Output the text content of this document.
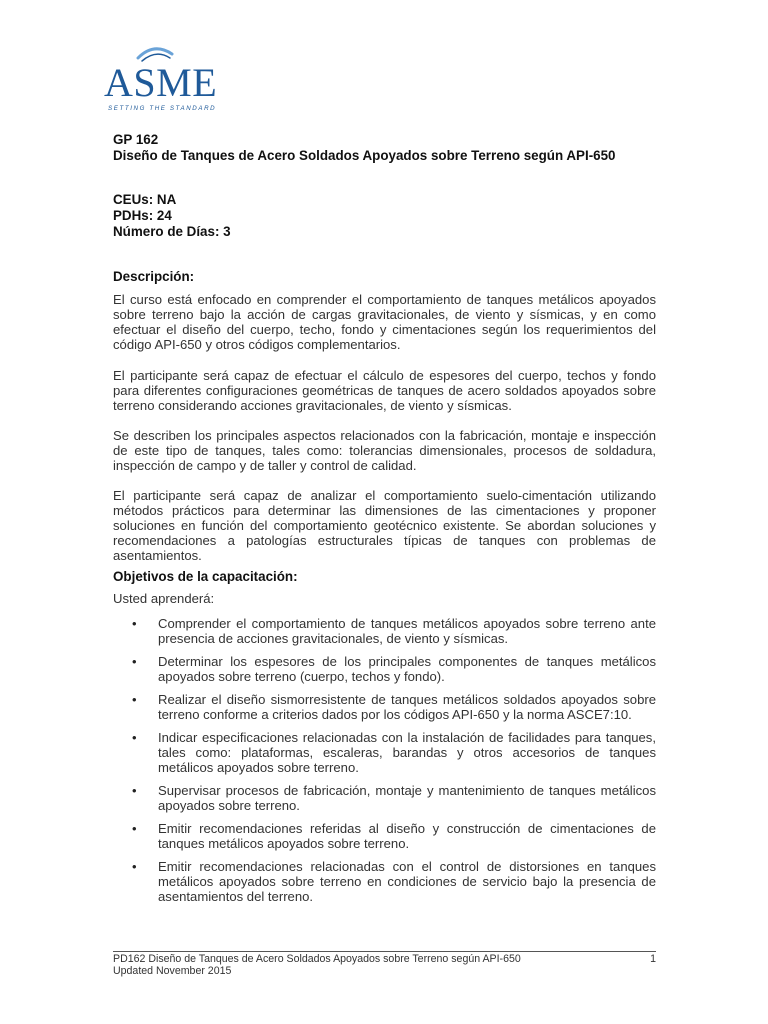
ASME
SETTING THE STANDARD
GP 162
Diseño de Tanques de Acero Soldados Apoyados sobre Terreno según API-650
CEUs: NA
PDHs: 24
Número de Días: 3
Descripción:

El curso está enfocado en comprender el comportamiento de tanques metálicos apoyados sobre terreno bajo la acción de cargas gravitacionales, de viento y sísmicas, y en como efectuar el diseño del cuerpo, techo, fondo y cimentaciones según los requerimientos del código API-650 y otros códigos complementarios.

El participante será capaz de efectuar el cálculo de espesores del cuerpo, techos y fondo para diferentes configuraciones geométricas de tanques de acero soldados apoyados sobre terreno considerando acciones gravitacionales, de viento y sísmicas.

Se describen los principales aspectos relacionados con la fabricación, montaje e inspección de este tipo de tanques, tales como: tolerancias dimensionales, procesos de soldadura, inspección de campo y de taller y control de calidad.

El participante será capaz de analizar el comportamiento suelo-cimentación utilizando métodos prácticos para determinar las dimensiones de las cimentaciones y proponer soluciones en función del comportamiento geotécnico existente. Se abordan soluciones y recomendaciones a patologías estructurales típicas de tanques con problemas de asentamientos.

Objetivos de la capacitación:
Usted aprenderá:
• Comprender el comportamiento de tanques metálicos apoyados sobre terreno ante presencia de acciones gravitacionales, de viento y sísmicas.
• Determinar los espesores de los principales componentes de tanques metálicos apoyados sobre terreno (cuerpo, techos y fondo).
• Realizar el diseño sismorresistente de tanques metálicos soldados apoyados sobre terreno conforme a criterios dados por los códigos API-650 y la norma ASCE7:10.
• Indicar especificaciones relacionadas con la instalación de facilidades para tanques, tales como: plataformas, escaleras, barandas y otros accesorios de tanques metálicos apoyados sobre terreno.
• Supervisar procesos de fabricación, montaje y mantenimiento de tanques metálicos apoyados sobre terreno.
• Emitir recomendaciones referidas al diseño y construcción de cimentaciones de tanques metálicos apoyados sobre terreno.
• Emitir recomendaciones relacionadas con el control de distorsiones en tanques metálicos apoyados sobre terreno en condiciones de servicio bajo la presencia de asentamientos del terreno.
PD162 Diseño de Tanques de Acero Soldados Apoyados sobre Terreno según API-650
Updated November 2015
1
